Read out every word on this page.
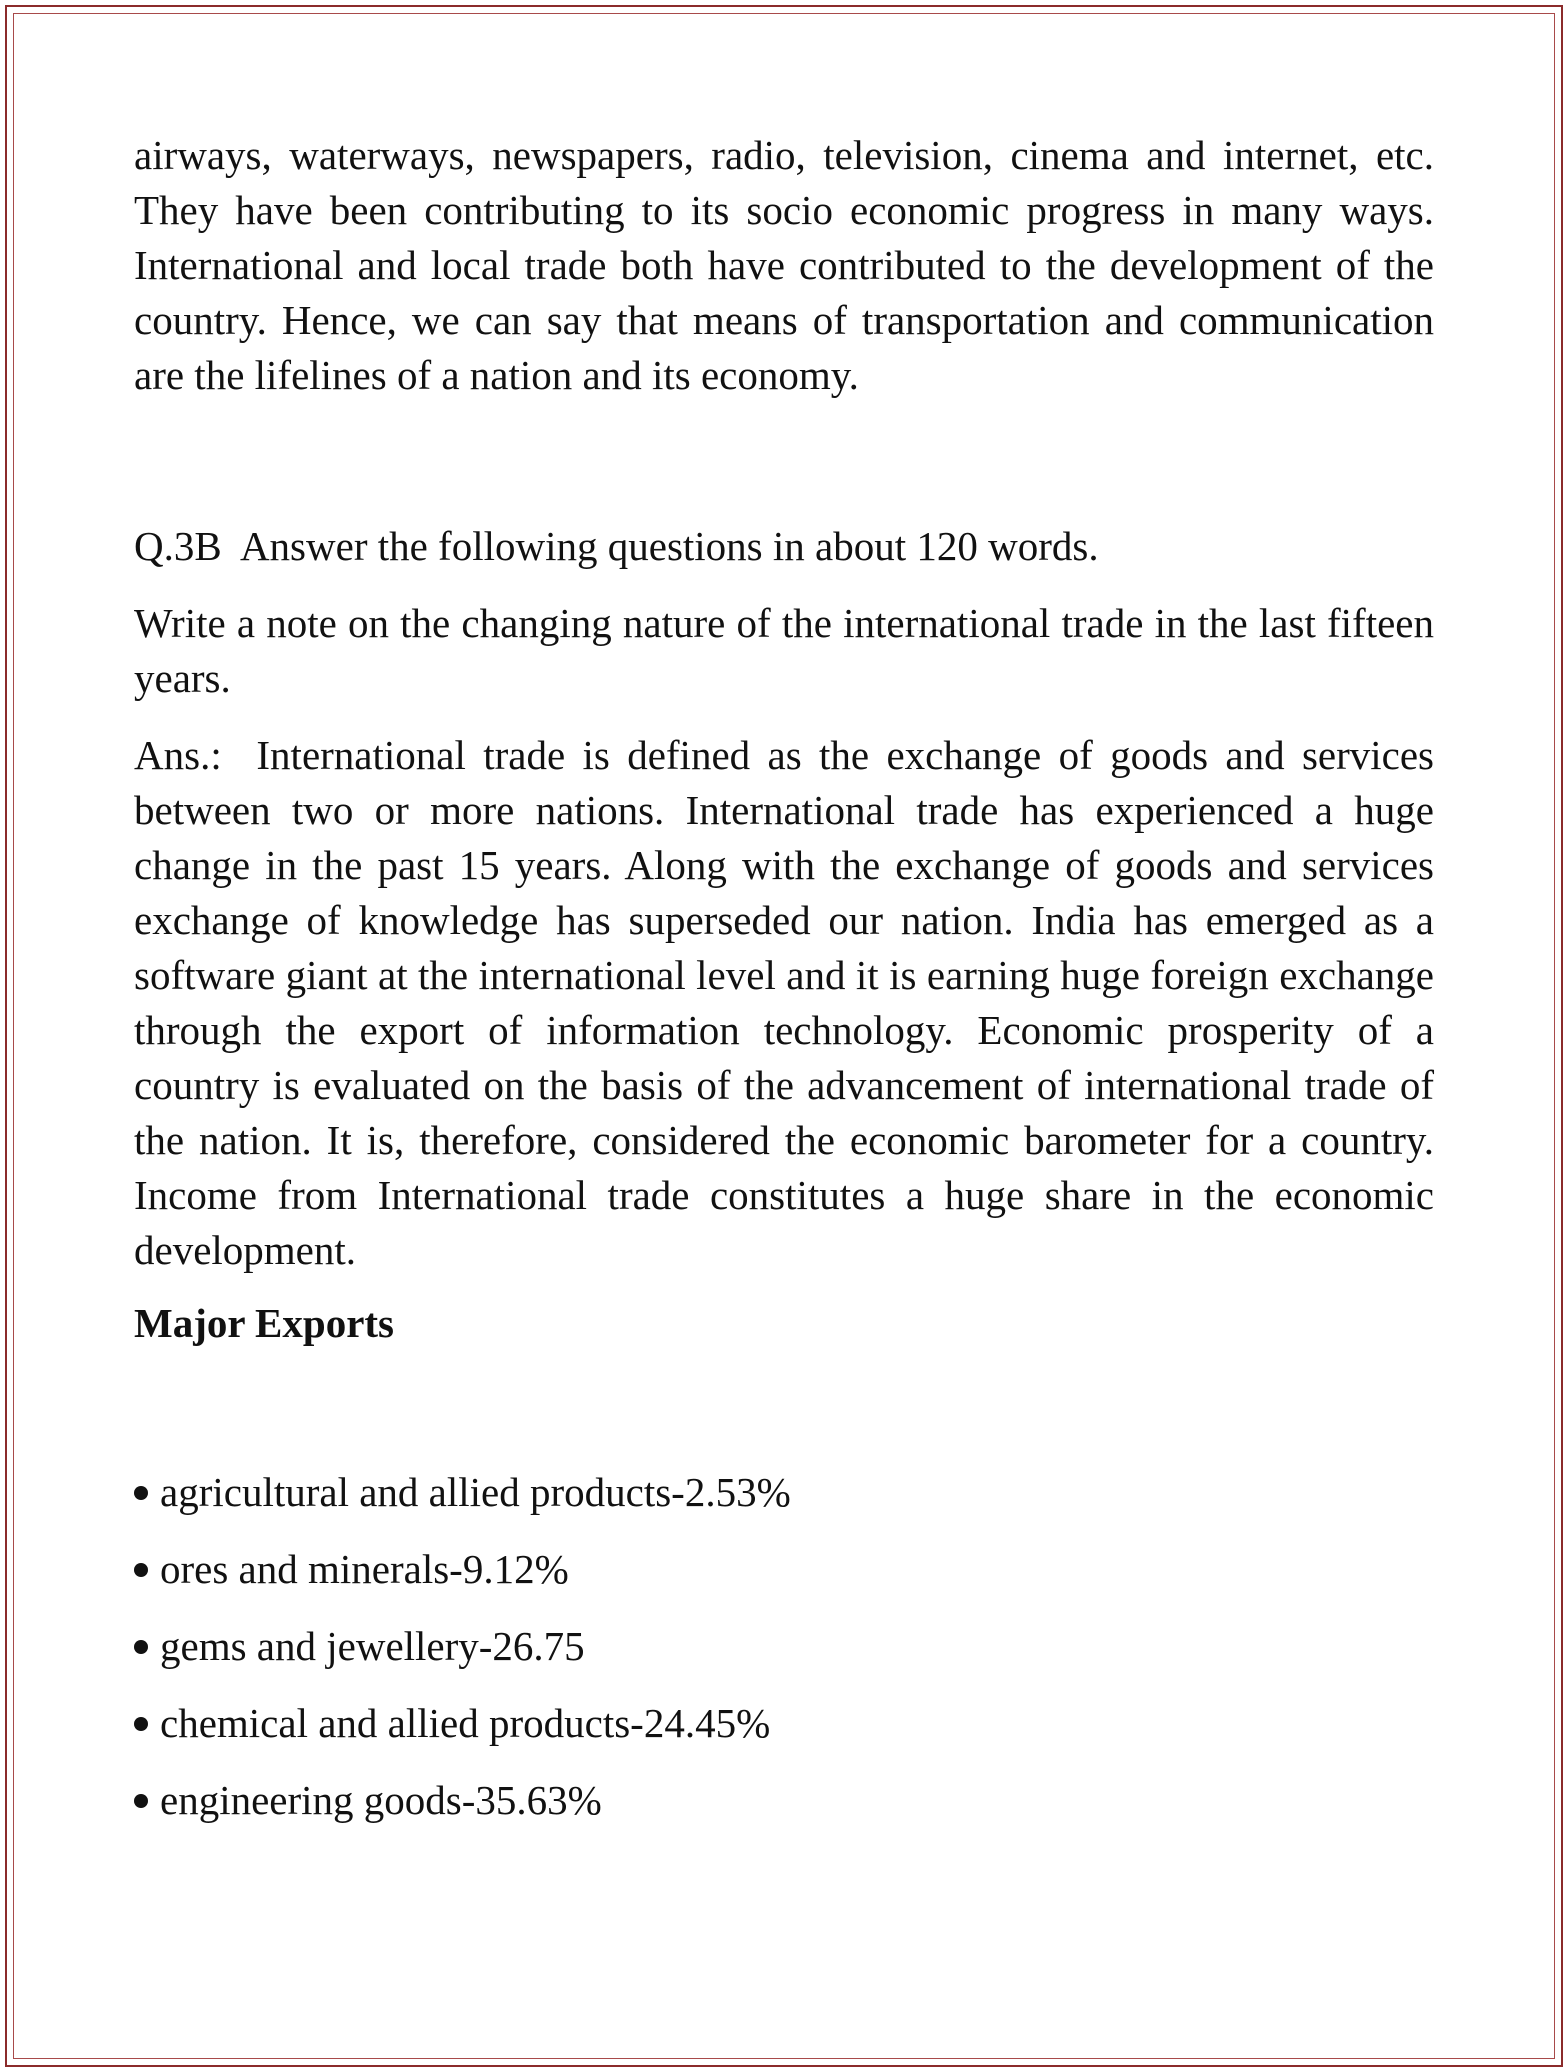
airways, waterways, newspapers, radio, television, cinema and internet, etc. They have been contributing to its socio economic progress in many ways. International and local trade both have contributed to the development of the country. Hence, we can say that means of transportation and communication are the lifelines of a nation and its economy.

Q.3B  Answer the following questions in about 120 words.

Write a note on the changing nature of the international trade in the last fifteen years.

Ans.:  International trade is defined as the exchange of goods and services between two or more nations. International trade has experienced a huge change in the past 15 years. Along with the exchange of goods and services exchange of knowledge has superseded our nation. India has emerged as a software giant at the international level and it is earning huge foreign exchange through the export of information technology. Economic prosperity of a country is evaluated on the basis of the advancement of international trade of the nation. It is, therefore, considered the economic barometer for a country. Income from International trade constitutes a huge share in the economic development.

Major Exports
agricultural and allied products-2.53%
ores and minerals-9.12%
gems and jewellery-26.75
chemical and allied products-24.45%
engineering goods-35.63%
